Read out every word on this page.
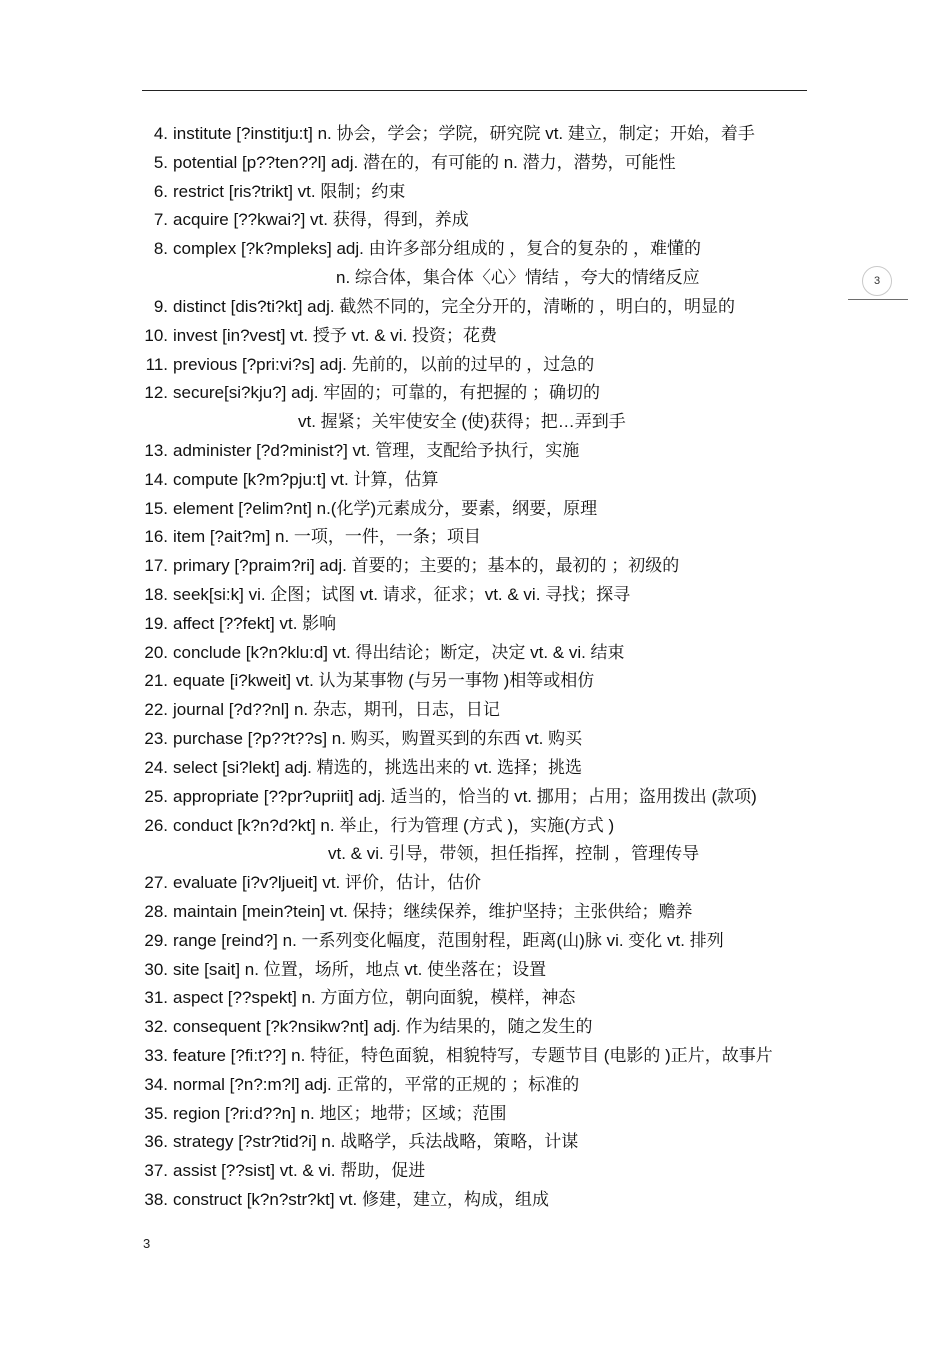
4. institute [?institju:t] n. 协会，学会；学院，研究院 vt. 建立，制定；开始，着手
5. potential [p??ten??l] adj. 潜在的，有可能的 n. 潜力，潜势，可能性
6. restrict [ris?trikt] vt. 限制；约束
7. acquire [??kwai?] vt. 获得，得到，养成
8. complex [?k?mpleks] adj. 由许多部分组成的 ，复合的复杂的 ，难懂的
n. 综合体，集合体〈心〉情结 ，夸大的情绪反应
9. distinct [dis?ti?kt] adj. 截然不同的，完全分开的，清晰的 ，明白的，明显的
10. invest [in?vest] vt. 授予 vt. & vi. 投资；花费
11. previous [?pri:vi?s] adj. 先前的，以前的过早的 ，过急的
12. secure[si?kju?] adj. 牢固的；可靠的，有把握的 ；确切的
vt. 握紧；关牢使安全 (使)获得；把…弄到手
13. administer [?d?minist?] vt. 管理，支配给予执行，实施
14. compute [k?m?pju:t] vt. 计算，估算
15. element [?elim?nt] n.(化学)元素成分，要素，纲要，原理
16. item [?ait?m] n. 一项，一件，一条；项目
17. primary [?praim?ri] adj. 首要的；主要的；基本的，最初的 ；初级的
18. seek[si:k] vi. 企图；试图 vt. 请求，征求；vt. & vi. 寻找；探寻
19. affect [??fekt] vt. 影响
20. conclude [k?n?klu:d] vt. 得出结论；断定，决定 vt. & vi. 结束
21. equate [i?kweit] vt. 认为某事物 (与另一事物 )相等或相仿
22. journal [?d??nl] n. 杂志，期刊，日志，日记
23. purchase [?p??t??s] n. 购买，购置买到的东西 vt. 购买
24. select [si?lekt] adj. 精选的，挑选出来的 vt. 选择；挑选
25. appropriate [??pr?upriit] adj. 适当的，恰当的 vt. 挪用；占用；盗用拨出 (款项)
26. conduct [k?n?d?kt] n. 举止，行为管理 (方式 )，实施(方式 )
vt. & vi. 引导，带领，担任指挥，控制 ，管理传导
27. evaluate [i?v?ljueit] vt. 评价，估计，估价
28. maintain [mein?tein] vt. 保持；继续保养，维护坚持；主张供给；赡养
29. range [reind?] n. 一系列变化幅度，范围射程，距离(山)脉 vi. 变化 vt. 排列
30. site [sait] n. 位置，场所，地点 vt. 使坐落在；设置
31. aspect [??spekt] n. 方面方位，朝向面貌，模样，神态
32. consequent [?k?nsikw?nt] adj. 作为结果的，随之发生的
33. feature [?fi:t??] n. 特征，特色面貌，相貌特写，专题节目 (电影的 )正片，故事片
34. normal [?n?:m?l] adj. 正常的，平常的正规的 ；标准的
35. region [?ri:d??n] n. 地区；地带；区域；范围
36. strategy [?str?tid?i] n. 战略学，兵法战略，策略，计谋
37. assist [??sist] vt. & vi. 帮助，促进
38. construct [k?n?str?kt] vt. 修建，建立，构成，组成
3
3
